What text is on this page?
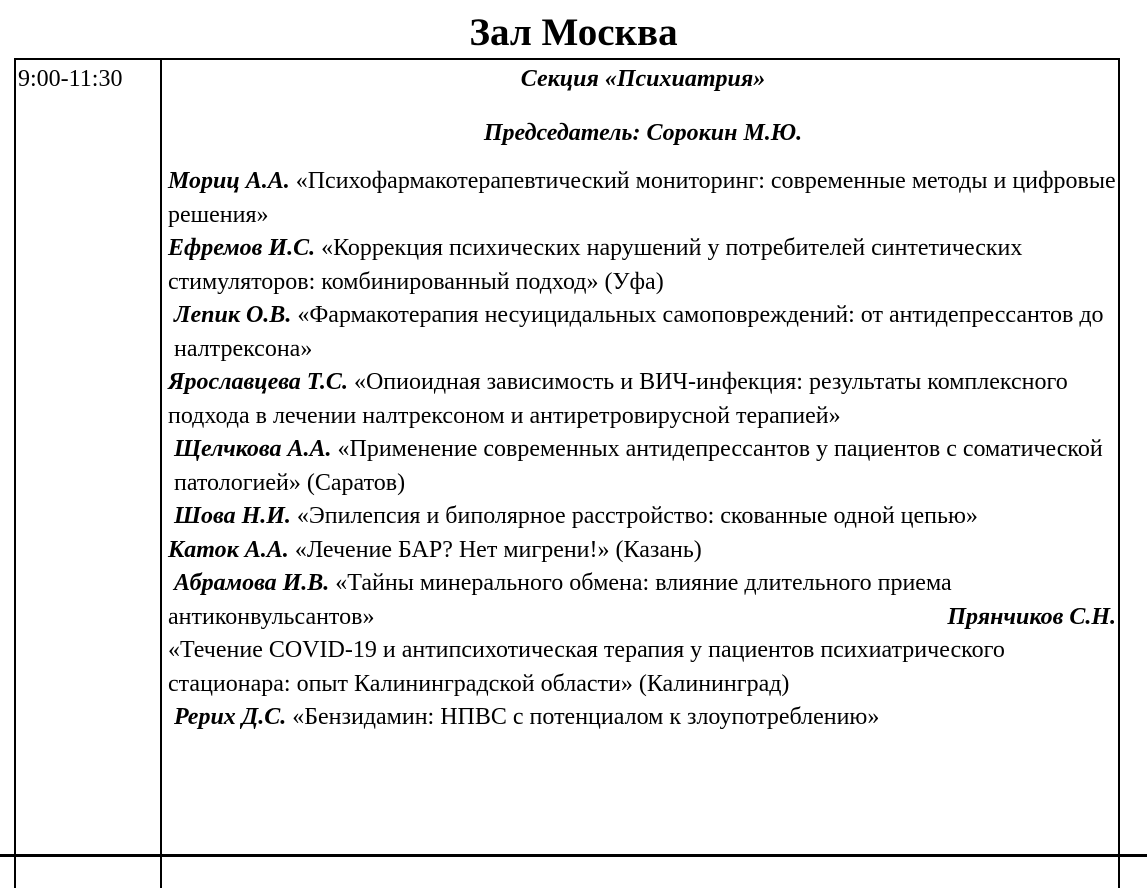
Зал Москва
9:00-11:30	Секция «Психиатрия»
Председатель: Сорокин М.Ю.
Мориц А.А. «Психофармакотерапевтический мониторинг: современные методы и цифровые решения»
Ефремов И.С. «Коррекция психических нарушений у потребителей синтетических стимуляторов: комбинированный подход» (Уфа)
Лепик О.В. «Фармакотерапия несуицидальных самоповреждений: от антидепрессантов до налтрексона»
Ярославцева Т.С. «Опиоидная зависимость и ВИЧ-инфекция: результаты комплексного подхода в лечении налтрексоном и антиретровирусной терапией»
Щелчкова А.А. «Применение современных антидепрессантов у пациентов с соматической патологией» (Саратов)
Шова Н.И. «Эпилепсия и биполярное расстройство: скованные одной цепью»
Каток А.А. «Лечение БАР? Нет мигрени!» (Казань)
Абрамова И.В. «Тайны минерального обмена: влияние длительного приема
антиконвульсантов»	Прянчиков С.Н.
«Течение COVID-19 и антипсихотическая терапия у пациентов психиатрического стационара: опыт Калининградской области» (Калининград)
Рерих Д.С. «Бензидамин: НПВС с потенциалом к злоупотреблению»
